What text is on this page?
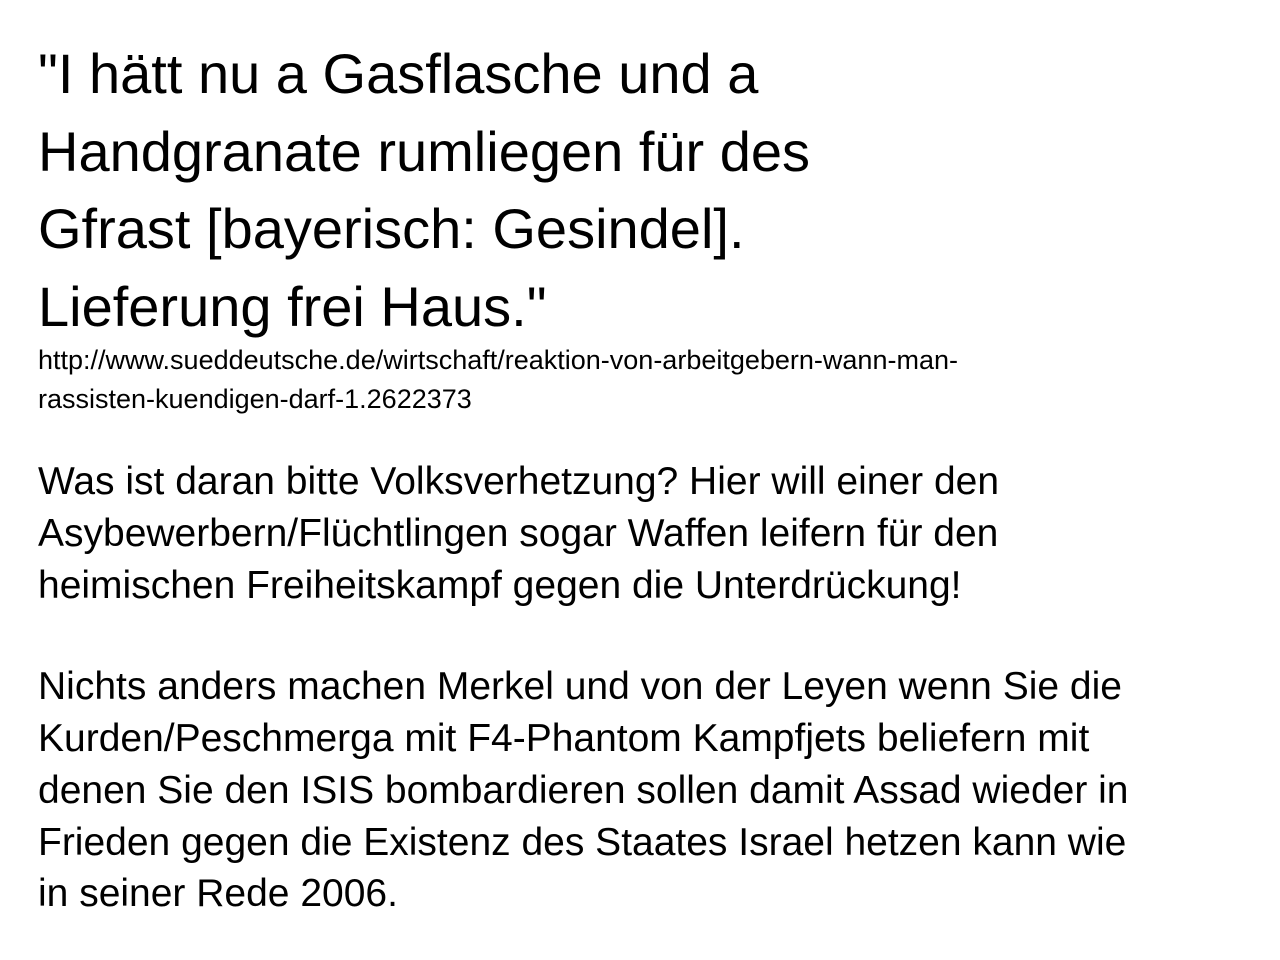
"I hätt nu a Gasflasche und a

Handgranate rumliegen für des

Gfrast [bayerisch: Gesindel].

Lieferung frei Haus."

http://www.sueddeutsche.de/wirtschaft/reaktion-von-arbeitgebern-wann-man-

rassisten-kuendigen-darf-1.2622373

Was ist daran bitte Volksverhetzung? Hier will einer den

Asybewerbern/Flüchtlingen sogar Waffen leifern für den

heimischen Freiheitskampf gegen die Unterdrückung!

Nichts anders machen Merkel und von der Leyen wenn Sie die

Kurden/Peschmerga mit F4-Phantom Kampfjets beliefern mit

denen Sie den ISIS bombardieren sollen damit Assad wieder in

Frieden gegen die Existenz des Staates Israel hetzen kann wie

in seiner Rede 2006.
